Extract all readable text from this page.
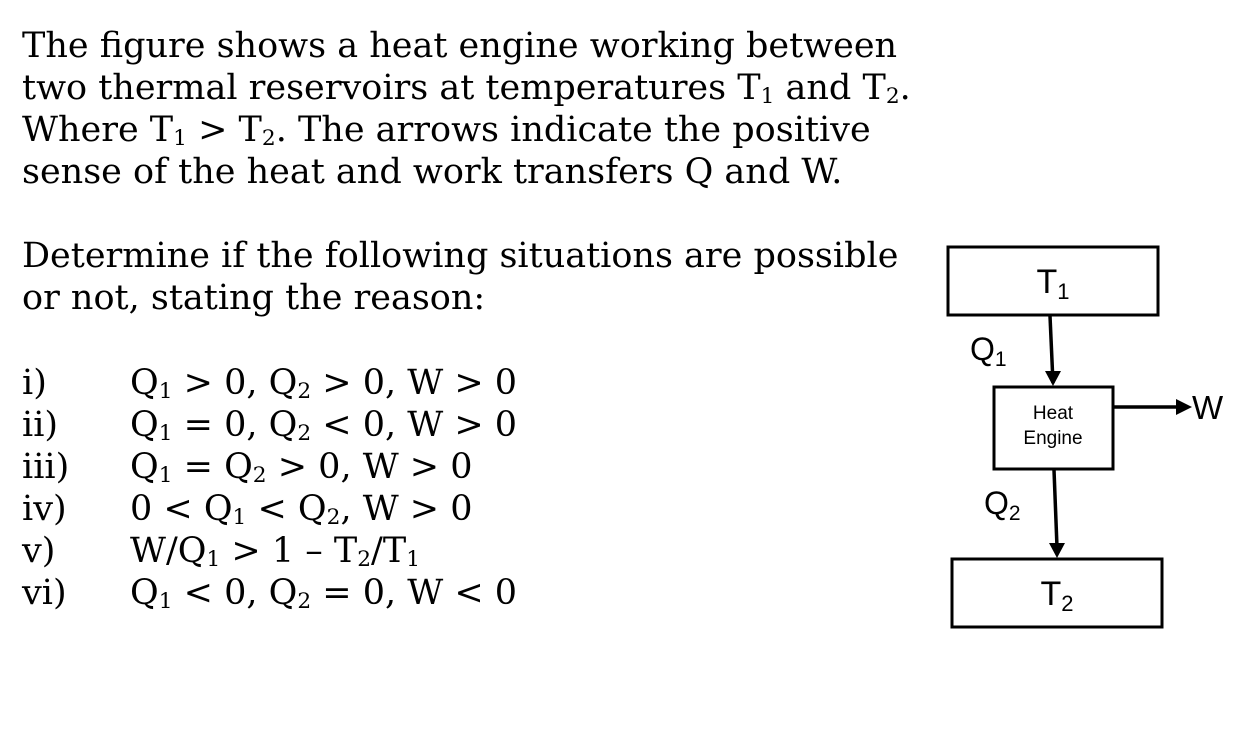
The figure shows a heat engine working between
two thermal reservoirs at temperatures $T_1$ and $T_2$.
Where $T_1 > T_2$. The arrows indicate the positive
sense of the heat and work transfers Q and W.
Determine if the following situations are possible
or not, stating the reason:
i) $Q_1 > 0$, $Q_2 > 0$, W > 0
ii) $Q_1 = 0$, $Q_2 < 0$, W > 0
iii) $Q_1 = Q_2 > 0$, W > 0
iv) $0 < Q_1 < Q_2$, W > 0
v) $W/Q_1 > 1 - T_2/T_1$
vi) $Q_1 < 0$, $Q_2 = 0$, W < 0
T1
Q1
Heat
Engine
W
Q2
T2
